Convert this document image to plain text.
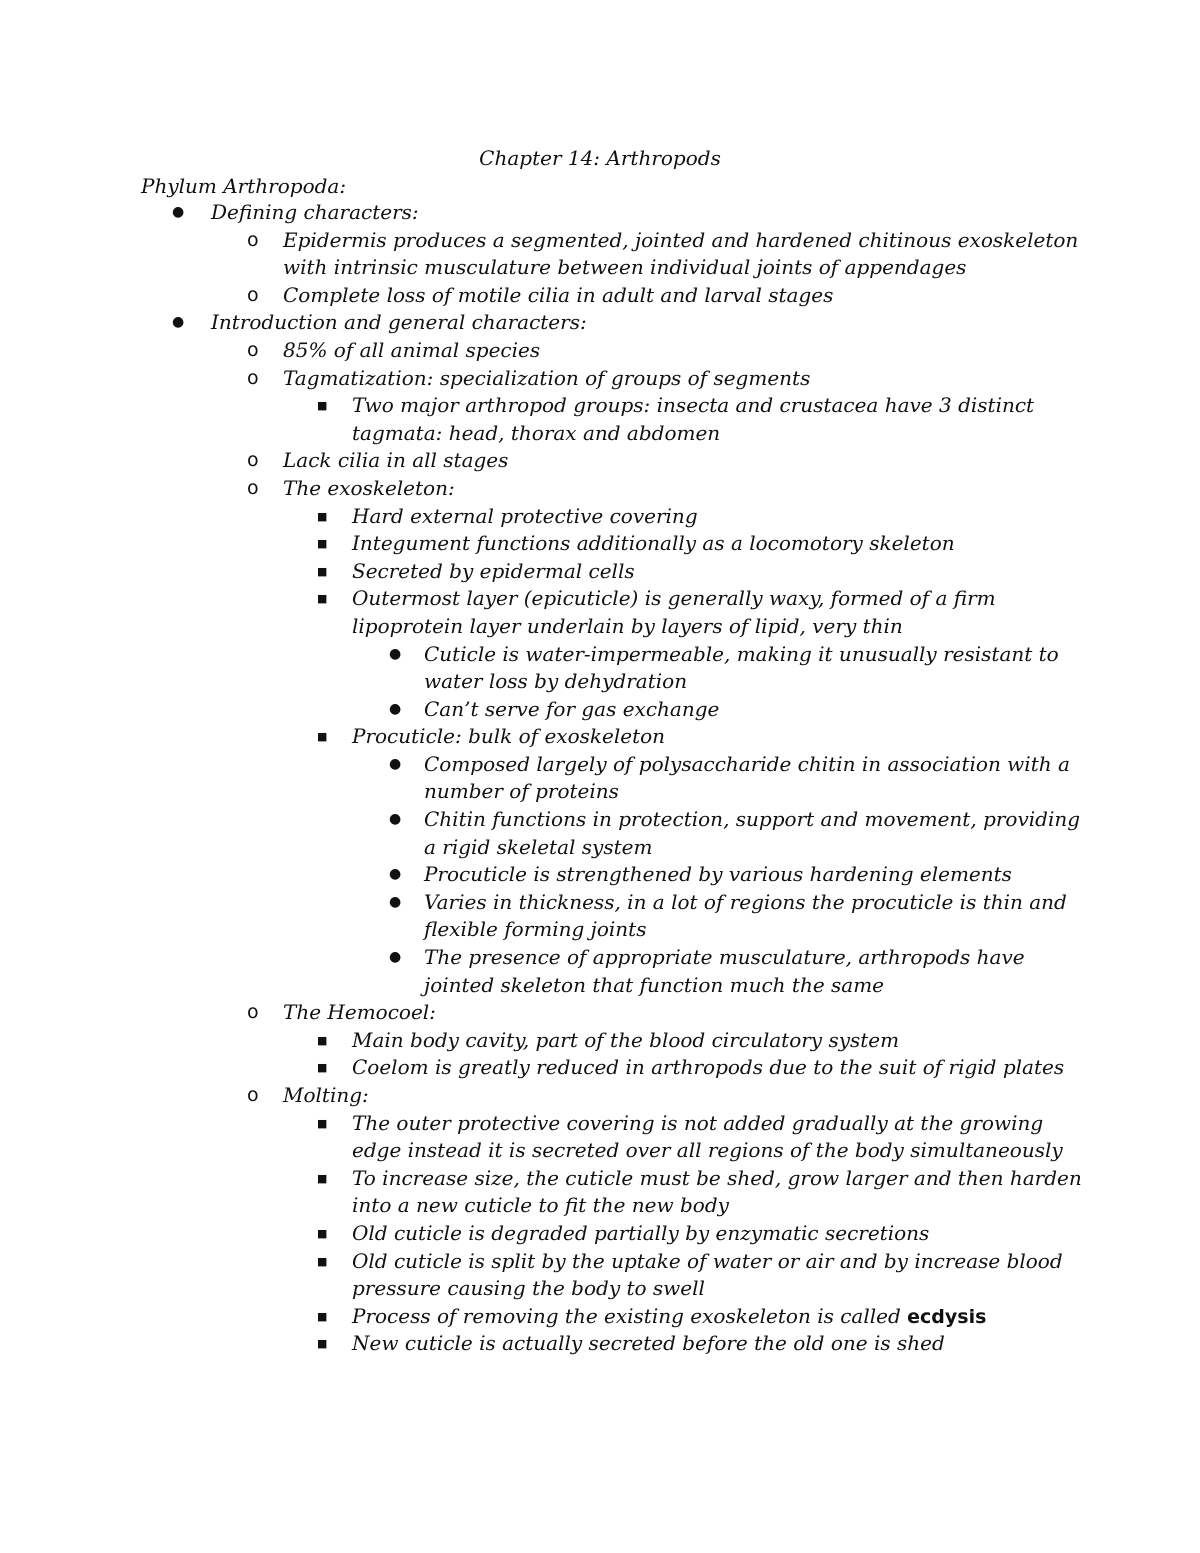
Chapter 14: Arthropods
Phylum Arthropoda:
● Defining characters:
o Epidermis produces a segmented, jointed and hardened chitinous exoskeleton
with intrinsic musculature between individual joints of appendages
o Complete loss of motile cilia in adult and larval stages
● Introduction and general characters:
o 85% of all animal species
o Tagmatization: specialization of groups of segments
■ Two major arthropod groups: insecta and crustacea have 3 distinct
tagmata: head, thorax and abdomen
o Lack cilia in all stages
o The exoskeleton:
■ Hard external protective covering
■ Integument functions additionally as a locomotory skeleton
■ Secreted by epidermal cells
■ Outermost layer (epicuticle) is generally waxy, formed of a firm
lipoprotein layer underlain by layers of lipid, very thin
● Cuticle is water-impermeable, making it unusually resistant to
water loss by dehydration
● Can’t serve for gas exchange
■ Procuticle: bulk of exoskeleton
● Composed largely of polysaccharide chitin in association with a
number of proteins
● Chitin functions in protection, support and movement, providing
a rigid skeletal system
● Procuticle is strengthened by various hardening elements
● Varies in thickness, in a lot of regions the procuticle is thin and
flexible forming joints
● The presence of appropriate musculature, arthropods have
jointed skeleton that function much the same
o The Hemocoel:
■ Main body cavity, part of the blood circulatory system
■ Coelom is greatly reduced in arthropods due to the suit of rigid plates
o Molting:
■ The outer protective covering is not added gradually at the growing
edge instead it is secreted over all regions of the body simultaneously
■ To increase size, the cuticle must be shed, grow larger and then harden
into a new cuticle to fit the new body
■ Old cuticle is degraded partially by enzymatic secretions
■ Old cuticle is split by the uptake of water or air and by increase blood
pressure causing the body to swell
■ Process of removing the existing exoskeleton is called ecdysis
■ New cuticle is actually secreted before the old one is shed
